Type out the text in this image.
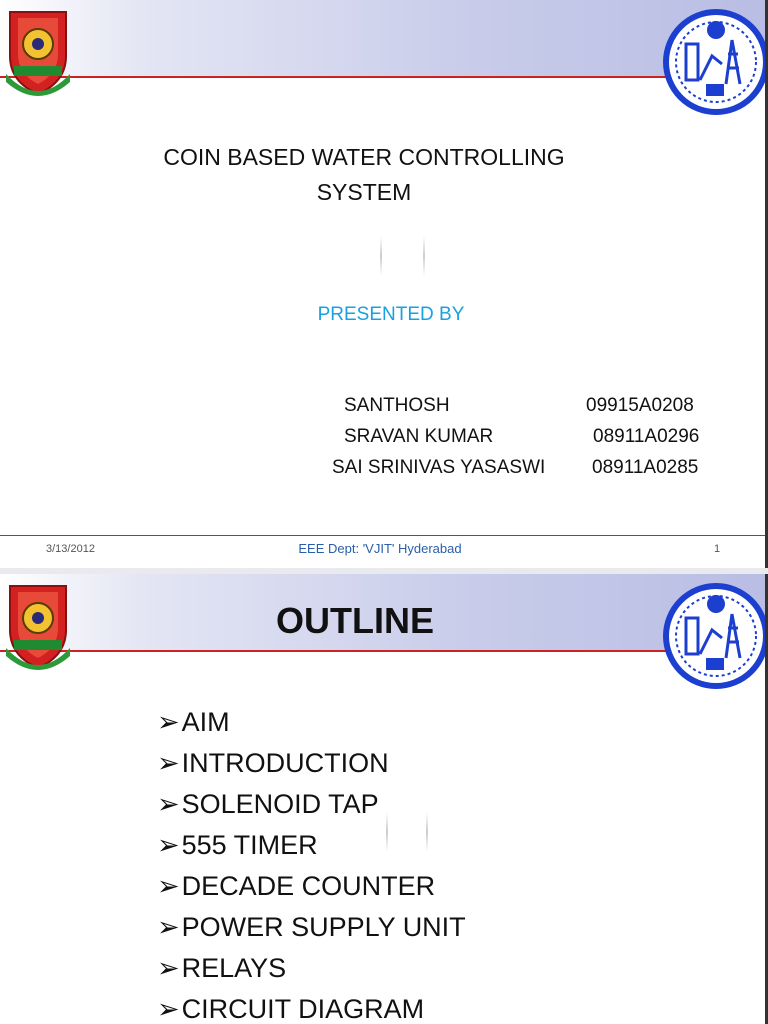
COIN BASED WATER CONTROLLING
SYSTEM
PRESENTED BY
SANTHOSH	09915A0208
SRAVAN KUMAR	08911A0296
SAI SRINIVAS YASASWI 08911A0285
3/13/2012	EEE Dept: 'VJIT' Hyderabad	1
OUTLINE
➢AIM
➢INTRODUCTION
➢SOLENOID TAP
➢555 TIMER
➢DECADE COUNTER
➢POWER SUPPLY UNIT
➢RELAYS
➢CIRCUIT DIAGRAM
